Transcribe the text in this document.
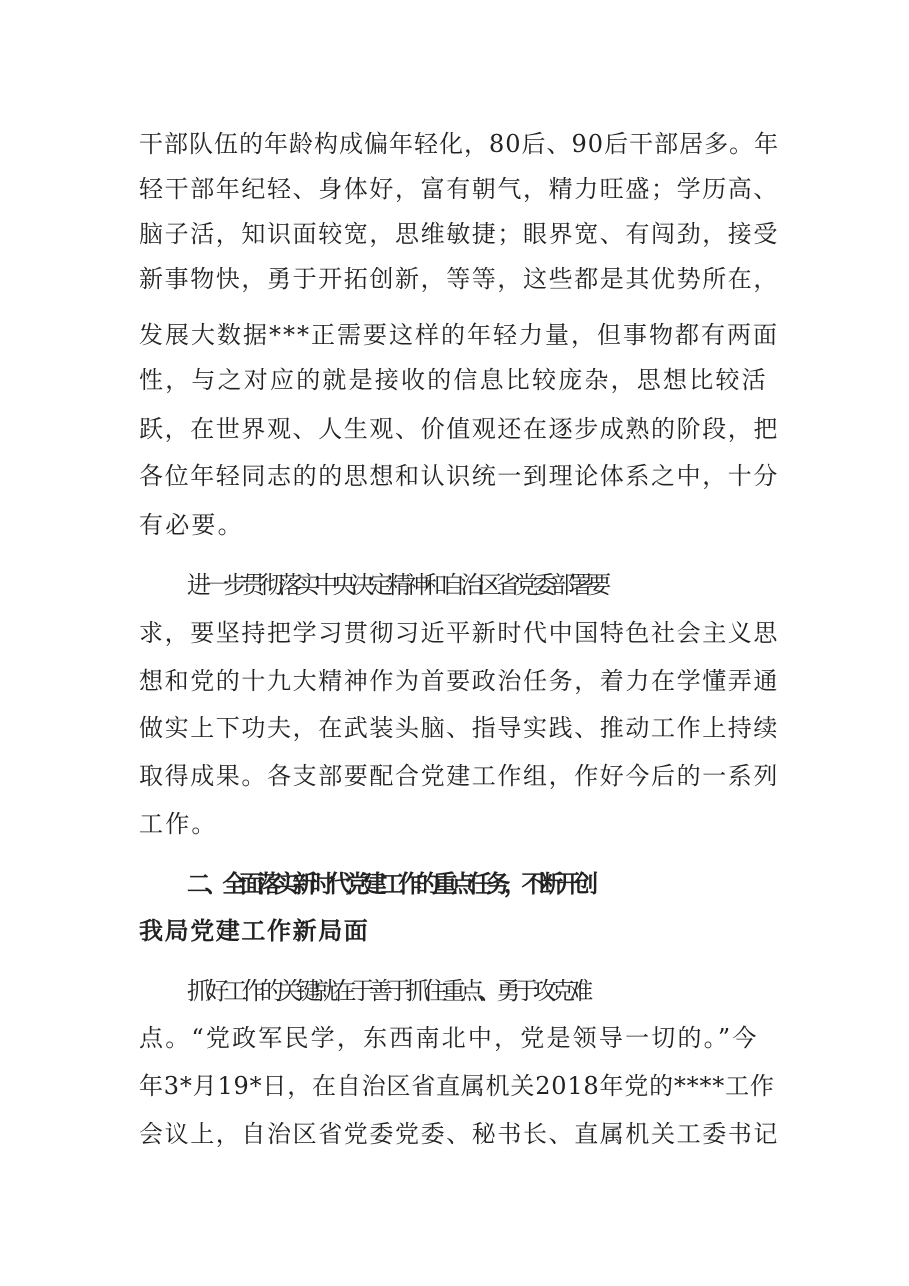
干部队伍的年龄构成偏年轻化，80后、90后干部居多。年
轻干部年纪轻、身体好，富有朝气，精力旺盛；学历高、
脑子活，知识面较宽，思维敏捷；眼界宽、有闯劲，接受
新事物快，勇于开拓创新，等等，这些都是其优势所在，
发展大数据***正需要这样的年轻力量，但事物都有两面
性，与之对应的就是接收的信息比较庞杂，思想比较活
跃，在世界观、人生观、价值观还在逐步成熟的阶段，把
各位年轻同志的的思想和认识统一到理论体系之中，十分
有必要。
进一步贯彻落实中央决定精神和自治区省党委部署要
求，要坚持把学习贯彻习近平新时代中国特色社会主义思
想和党的十九大精神作为首要政治任务，着力在学懂弄通
做实上下功夫，在武装头脑、指导实践、推动工作上持续
取得成果。各支部要配合党建工作组，作好今后的一系列
工作。
二、全面落实新时代党建工作的重点任务，不断开创
我局党建工作新局面
抓好工作的关键就在于善于抓住重点、勇于攻克难
点。“党政军民学，东西南北中，党是领导一切的。”今
年3*月19*日，在自治区省直属机关2018年党的****工作
会议上，自治区省党委党委、秘书长、直属机关工委书记
